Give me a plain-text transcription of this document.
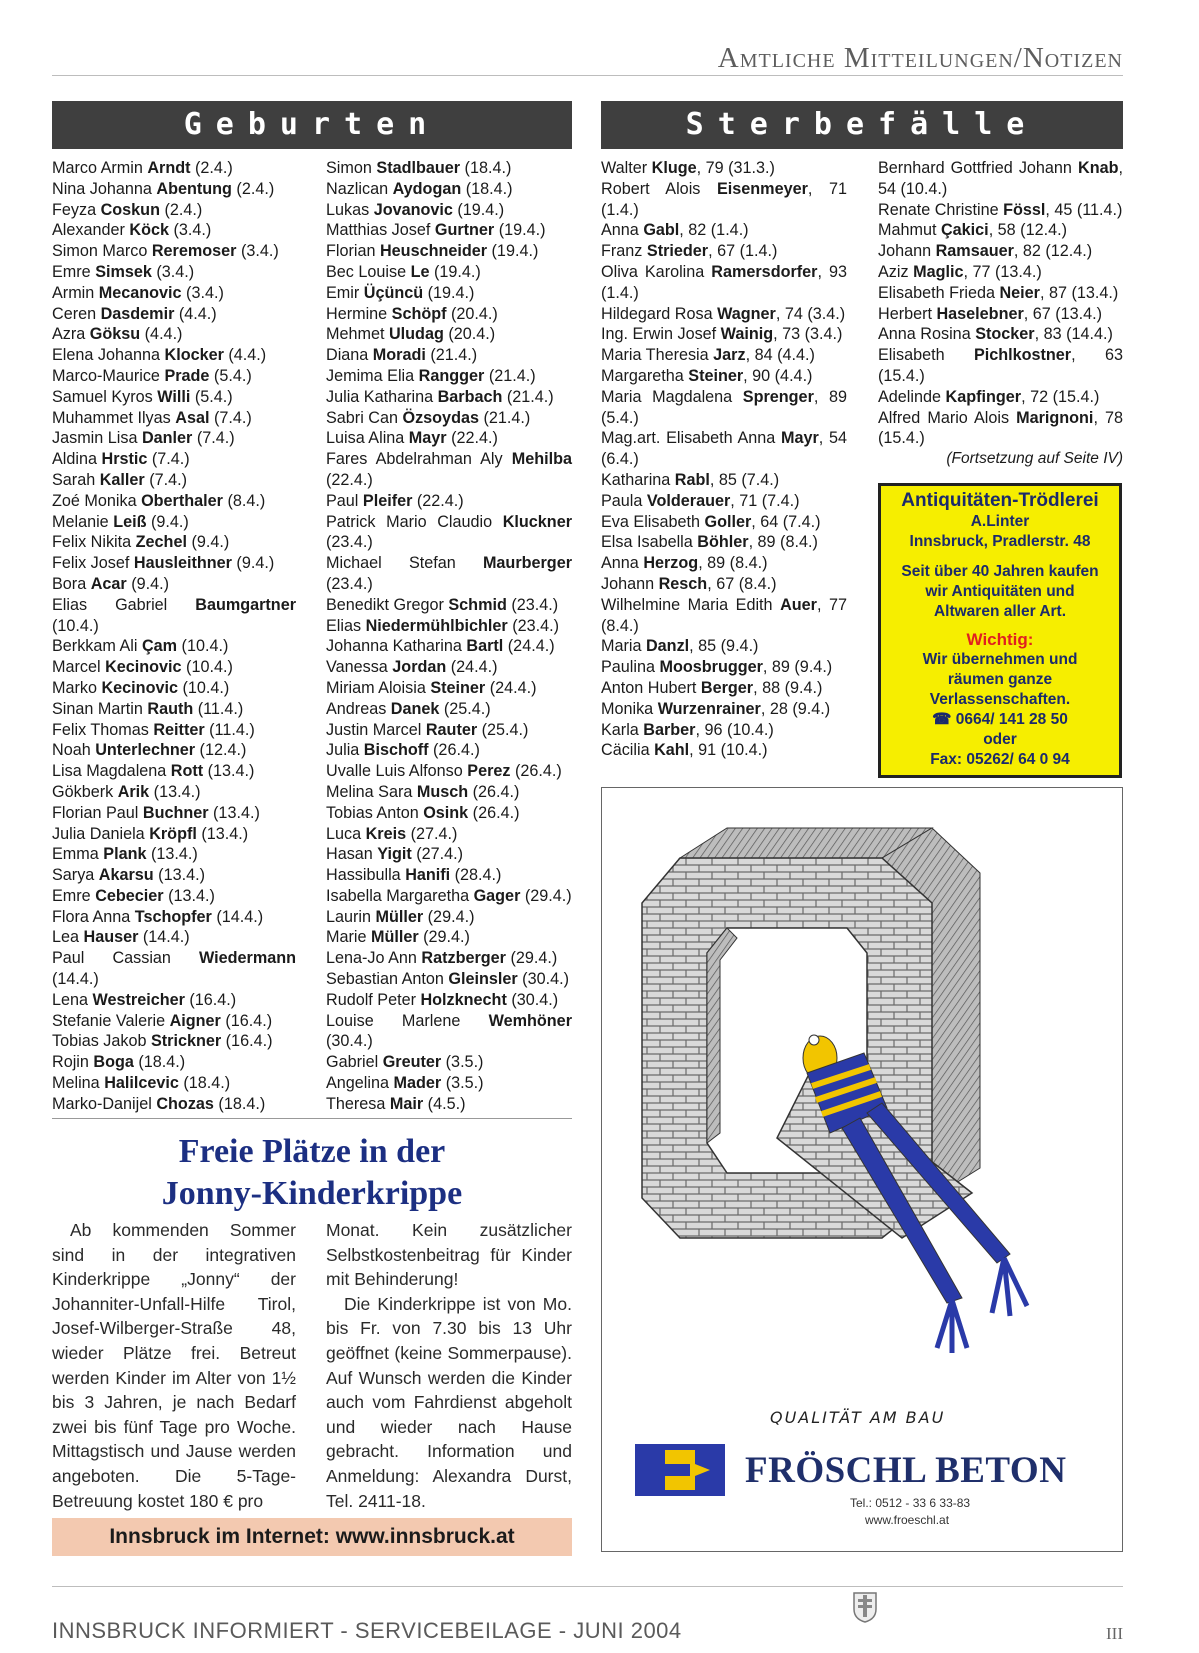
Amtliche Mitteilungen/Notizen
Geburten

Marco Armin Arndt (2.4.)

Nina Johanna Abentung (2.4.)

Feyza Coskun (2.4.)

Alexander Köck (3.4.)

Simon Marco Reremoser (3.4.)

Emre Simsek (3.4.)

Armin Mecanovic (3.4.)

Ceren Dasdemir (4.4.)

Azra Göksu (4.4.)

Elena Johanna Klocker (4.4.)

Marco-Maurice Prade (5.4.)

Samuel Kyros Willi (5.4.)

Muhammet Ilyas Asal (7.4.)

Jasmin Lisa Danler (7.4.)

Aldina Hrstic (7.4.)

Sarah Kaller (7.4.)

Zoé Monika Oberthaler (8.4.)

Melanie Leiß (9.4.)

Felix Nikita Zechel (9.4.)

Felix Josef Hausleithner (9.4.)

Bora Acar (9.4.)

Elias Gabriel Baumgartner (10.4.)

Berkkam Ali Çam (10.4.)

Marcel Kecinovic (10.4.)

Marko Kecinovic (10.4.)

Sinan Martin Rauth (11.4.)

Felix Thomas Reitter (11.4.)

Noah Unterlechner (12.4.)

Lisa Magdalena Rott (13.4.)

Gökberk Arik (13.4.)

Florian Paul Buchner (13.4.)

Julia Daniela Kröpfl (13.4.)

Emma Plank (13.4.)

Sarya Akarsu (13.4.)

Emre Cebecier (13.4.)

Flora Anna Tschopfer (14.4.)

Lea Hauser (14.4.)

Paul Cassian Wiedermann (14.4.)

Lena Westreicher (16.4.)

Stefanie Valerie Aigner (16.4.)

Tobias Jakob Strickner (16.4.)

Rojin Boga (18.4.)

Melina Halilcevic (18.4.)

Marko-Danijel Chozas (18.4.)

Simon Stadlbauer (18.4.)

Nazlican Aydogan (18.4.)

Lukas Jovanovic (19.4.)

Matthias Josef Gurtner (19.4.)

Florian Heuschneider (19.4.)

Bec Louise Le (19.4.)

Emir Üçüncü (19.4.)

Hermine Schöpf (20.4.)

Mehmet Uludag (20.4.)

Diana Moradi (21.4.)

Jemima Elia Rangger (21.4.)

Julia Katharina Barbach (21.4.)

Sabri Can Özsoydas (21.4.)

Luisa Alina Mayr (22.4.)

Fares Abdelrahman Aly Mehilba (22.4.)

Paul Pleifer (22.4.)

Patrick Mario Claudio Kluckner (23.4.)

Michael Stefan Maurberger (23.4.)

Benedikt Gregor Schmid (23.4.)

Elias Niedermühlbichler (23.4.)

Johanna Katharina Bartl (24.4.)

Vanessa Jordan (24.4.)

Miriam Aloisia Steiner (24.4.)

Andreas Danek (25.4.)

Justin Marcel Rauter (25.4.)

Julia Bischoff (26.4.)

Uvalle Luis Alfonso Perez (26.4.)

Melina Sara Musch (26.4.)

Tobias Anton Osink (26.4.)

Luca Kreis (27.4.)

Hasan Yigit (27.4.)

Hassibulla Hanifi (28.4.)

Isabella Margaretha Gager (29.4.)

Laurin Müller (29.4.)

Marie Müller (29.4.)

Lena-Jo Ann Ratzberger (29.4.)

Sebastian Anton Gleinsler (30.4.)

Rudolf Peter Holzknecht (30.4.)

Louise Marlene Wemhöner (30.4.)

Gabriel Greuter (3.5.)

Angelina Mader (3.5.)

Theresa Mair (4.5.)

Sterbefälle

Walter Kluge, 79 (31.3.)

Robert Alois Eisenmeyer, 71 (1.4.)

Anna Gabl, 82 (1.4.)

Franz Strieder, 67 (1.4.)

Oliva Karolina Ramersdorfer, 93 (1.4.)

Hildegard Rosa Wagner, 74 (3.4.)

Ing. Erwin Josef Wainig, 73 (3.4.)

Maria Theresia Jarz, 84 (4.4.)

Margaretha Steiner, 90 (4.4.)

Maria Magdalena Sprenger, 89 (5.4.)

Mag.art. Elisabeth Anna Mayr, 54 (6.4.)

Katharina Rabl, 85 (7.4.)

Paula Volderauer, 71 (7.4.)

Eva Elisabeth Goller, 64 (7.4.)

Elsa Isabella Böhler, 89 (8.4.)

Anna Herzog, 89 (8.4.)

Johann Resch, 67 (8.4.)

Wilhelmine Maria Edith Auer, 77 (8.4.)

Maria Danzl, 85 (9.4.)

Paulina Moosbrugger, 89 (9.4.)

Anton Hubert Berger, 88 (9.4.)

Monika Wurzenrainer, 28 (9.4.)

Karla Barber, 96 (10.4.)

Cäcilia Kahl, 91 (10.4.)

Bernhard Gottfried Johann Knab, 54 (10.4.)

Renate Christine Fössl, 45 (11.4.)

Mahmut Çakici, 58 (12.4.)

Johann Ramsauer, 82 (12.4.)

Aziz Maglic, 77 (13.4.)

Elisabeth Frieda Neier, 87 (13.4.)

Herbert Haselebner, 67 (13.4.)

Anna Rosina Stocker, 83 (14.4.)

Elisabeth Pichlkostner, 63 (15.4.)

Adelinde Kapfinger, 72 (15.4.)

Alfred Mario Alois Marignoni, 78 (15.4.)

(Fortsetzung auf Seite IV)
Antiquitäten-Trödlerei
A.Linter
Innsbruck, Pradlerstr. 48
Seit über 40 Jahren kaufen
wir Antiquitäten und
Altwaren aller Art.
Wichtig:
Wir übernehmen und
räumen ganze
Verlassenschaften.
☎ 0664/ 141 28 50
oder
Fax: 05262/ 64 0 94
QUALITÄT AM BAU
FRÖSCHL BETON
Tel.: 0512 - 33 6 33-83
www.froeschl.at
Freie Plätze in der
Jonny-Kinderkrippe

Ab kommenden Sommer sind in der integrativen Kinderkrippe „Jonny“ der Johanniter-Unfall-Hilfe Tirol, Josef-Wilberger-Straße 48, wieder Plätze frei. Betreut werden Kinder im Alter von 1½ bis 3 Jahren, je nach Bedarf zwei bis fünf Tage pro Woche. Mittagstisch und Jause werden angeboten. Die 5-Tage-Betreuung kostet 180 € pro

Monat. Kein zusätzlicher Selbstkostenbeitrag für Kinder mit Behinderung!

Die Kinderkrippe ist von Mo. bis Fr. von 7.30 bis 13 Uhr geöffnet (keine Sommerpause). Auf Wunsch werden die Kinder auch vom Fahrdienst abgeholt und wieder nach Hause gebracht. Information und Anmeldung: Alexandra Durst, Tel. 2411-18.

Innsbruck im Internet: www.innsbruck.at
INNSBRUCK INFORMIERT - SERVICEBEILAGE - JUNI 2004	III
